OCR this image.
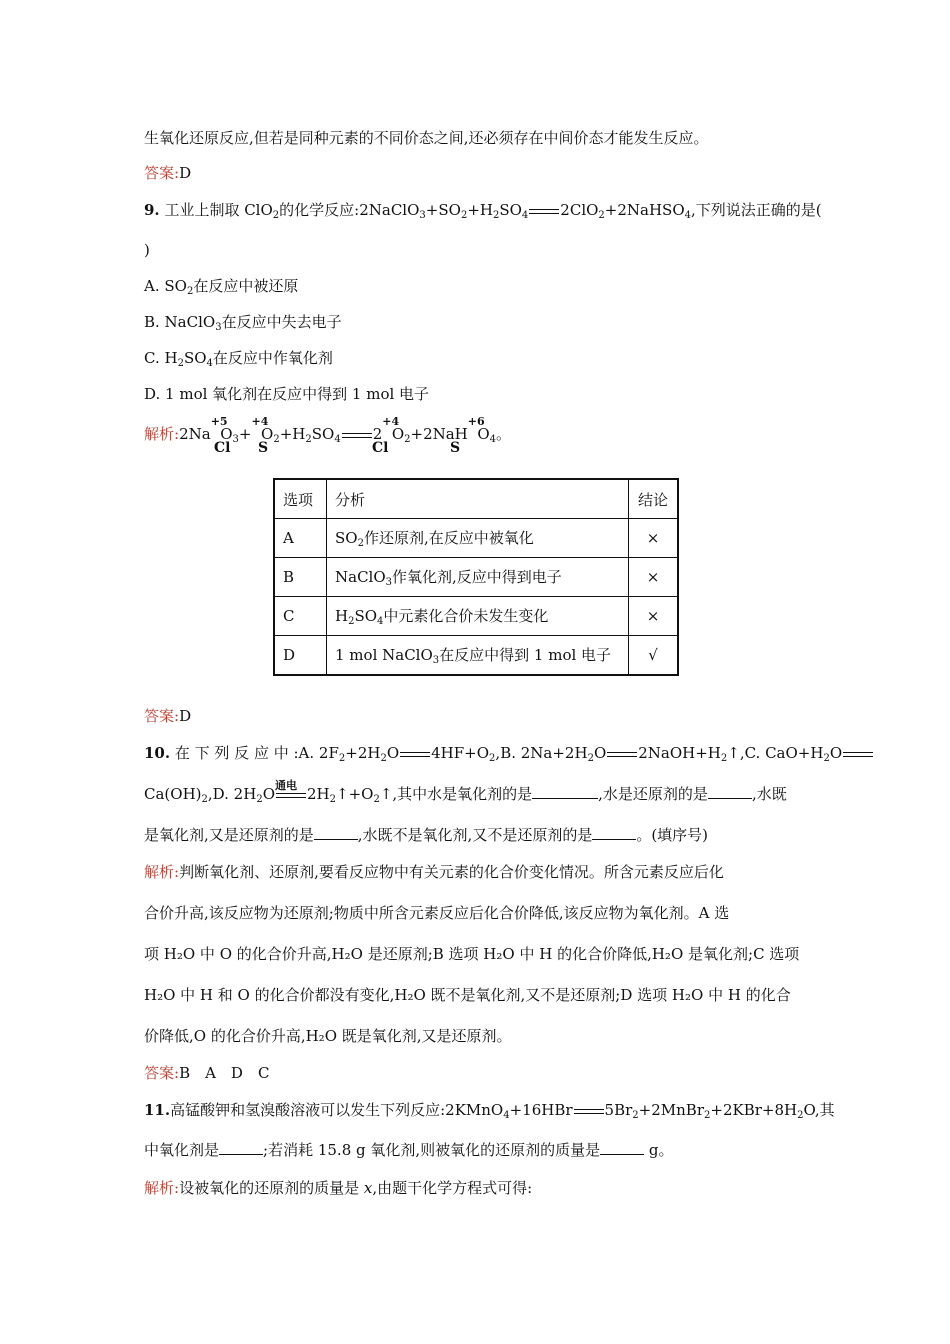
生氧化还原反应,但若是同种元素的不同价态之间,还必须存在中间价态才能发生反应。
答案:D
9. 工业上制取 ClO$_2$的化学反应$:2NaClO_3+SO_2+H_2SO_4$ 2ClO$_2$+2NaHSO$_4$,下列说法正确的是(
)
A. $SO_2$在反应中被还原
B. NaClO$_3$在反应中失去电子
C. $H_2SO_4$在反应中作氧化剂
D. 1 mol 氧化剂在反应中得到 1 mol 电子
解析:2Na
+5
$O_3+$
+4
$O_2+H_2SO_4$ 2
+4
$O_2+2NaH$
+6
$O_4$。
Cl S	Cl	S
选项	分析	结论
A	$SO_2$作还原剂,在反应中被氧化	×
B	NaClO$_3$作氧化剂,反应中得到电子	×
C	$H_2SO_4$中元素化合价未发生变化	×
D	1 mol NaClO$_3$在反应中得到 1 mol 电子	√
答案:D
10. 在 下 列 反 应 中 :A. $2F_2+2H_2O$ $4HF+O_2,B$. $2Na+2H_2O$ $2NaOH+H_2↑,C$. $CaO+H_2O$
$Ca(OH)_2,D$. $2H_2O$ 通电 $2H_2↑+O_2↑$,其中水是氧化剂的是	,水是还原剂的是	,水既
是氧化剂,又是还原剂的是	,水既不是氧化剂,又不是还原剂的是	。(填序号)
解析:判断氧化剂、还原剂,要看反应物中有关元素的化合价变化情况。所含元素反应后化
合价升高,该反应物为还原剂;物质中所含元素反应后化合价降低,该反应物为氧化剂。A 选
项 H₂O 中 O 的化合价升高,H₂O 是还原剂;B 选项 H₂O 中 H 的化合价降低,H₂O 是氧化剂;C 选项
H₂O 中 H 和 O 的化合价都没有变化,H₂O 既不是氧化剂,又不是还原剂;D 选项 H₂O 中 H 的化合
价降低,O 的化合价升高,H₂O 既是氧化剂,又是还原剂。
答案:B　A　D　C
11.高锰酸钾和氢溴酸溶液可以发生下列反应:2KMnO$_4$+16HBr $5Br_2+2MnBr_2+2KBr+8H_2O$,其
中氧化剂是	;若消耗 15.8 g 氧化剂,则被氧化的还原剂的质量是	g。
解析:设被氧化的还原剂的质量是 x,由题干化学方程式可得:
